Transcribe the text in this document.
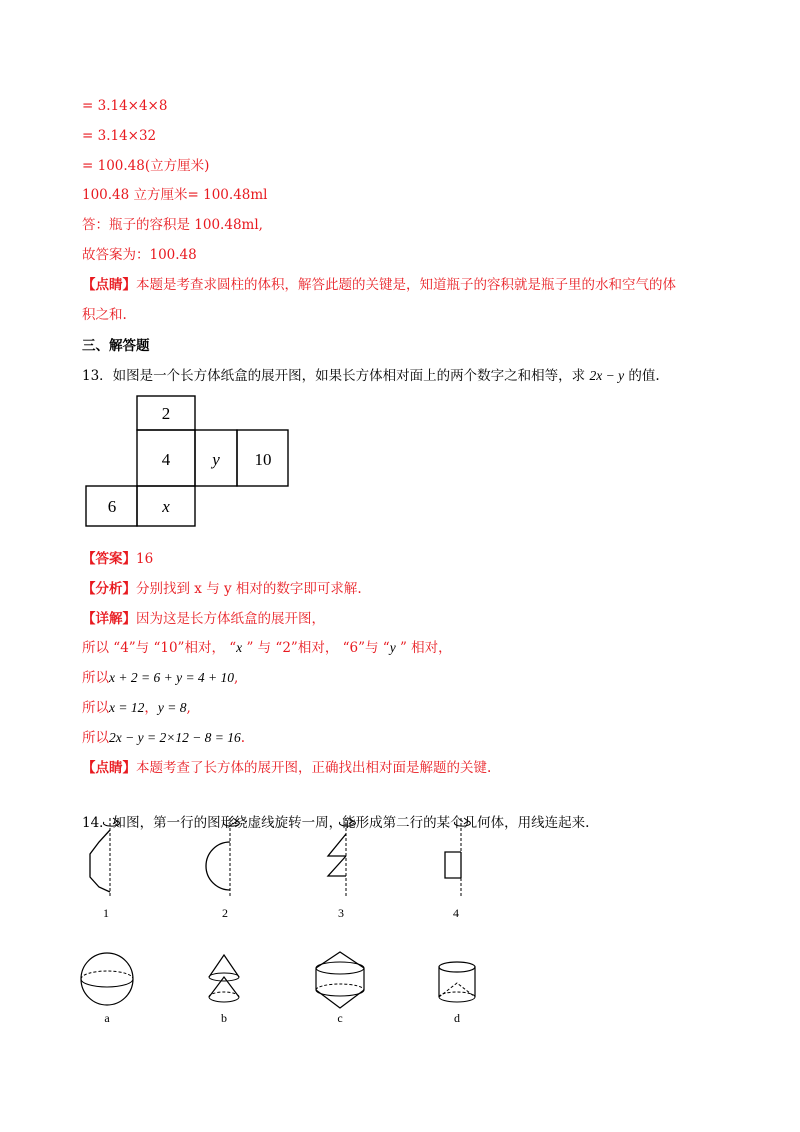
= 3.14×4×8
= 3.14×32
= 100.48(立方厘米)
100.48 立方厘米= 100.48ml
答：瓶子的容积是 100.48ml,
故答案为：100.48
【点睛】本题是考查求圆柱的体积，解答此题的关键是，知道瓶子的容积就是瓶子里的水和空气的体
积之和.
三、解答题
13．如图是一个长方体纸盒的展开图，如果长方体相对面上的两个数字之和相等，求 2x − y 的值.
2
4 y 10
6	x
【答案】16
【分析】分别找到 x 与 y 相对的数字即可求解.
【详解】因为这是长方体纸盒的展开图，
所以 “4”与 “10”相对， “x ” 与 “2”相对， “6”与 “y ” 相对，
所以x + 2 = 6 + y = 4 + 10,
所以x = 12，y = 8,
所以2x − y = 2×12 − 8 = 16.
【点睛】本题考查了长方体的展开图，正确找出相对面是解题的关键.
14．如图，第一行的图形绕虚线旋转一周，能形成第二行的某个几何体，用线连起来.
1	2	3	4
a	b	c	d
